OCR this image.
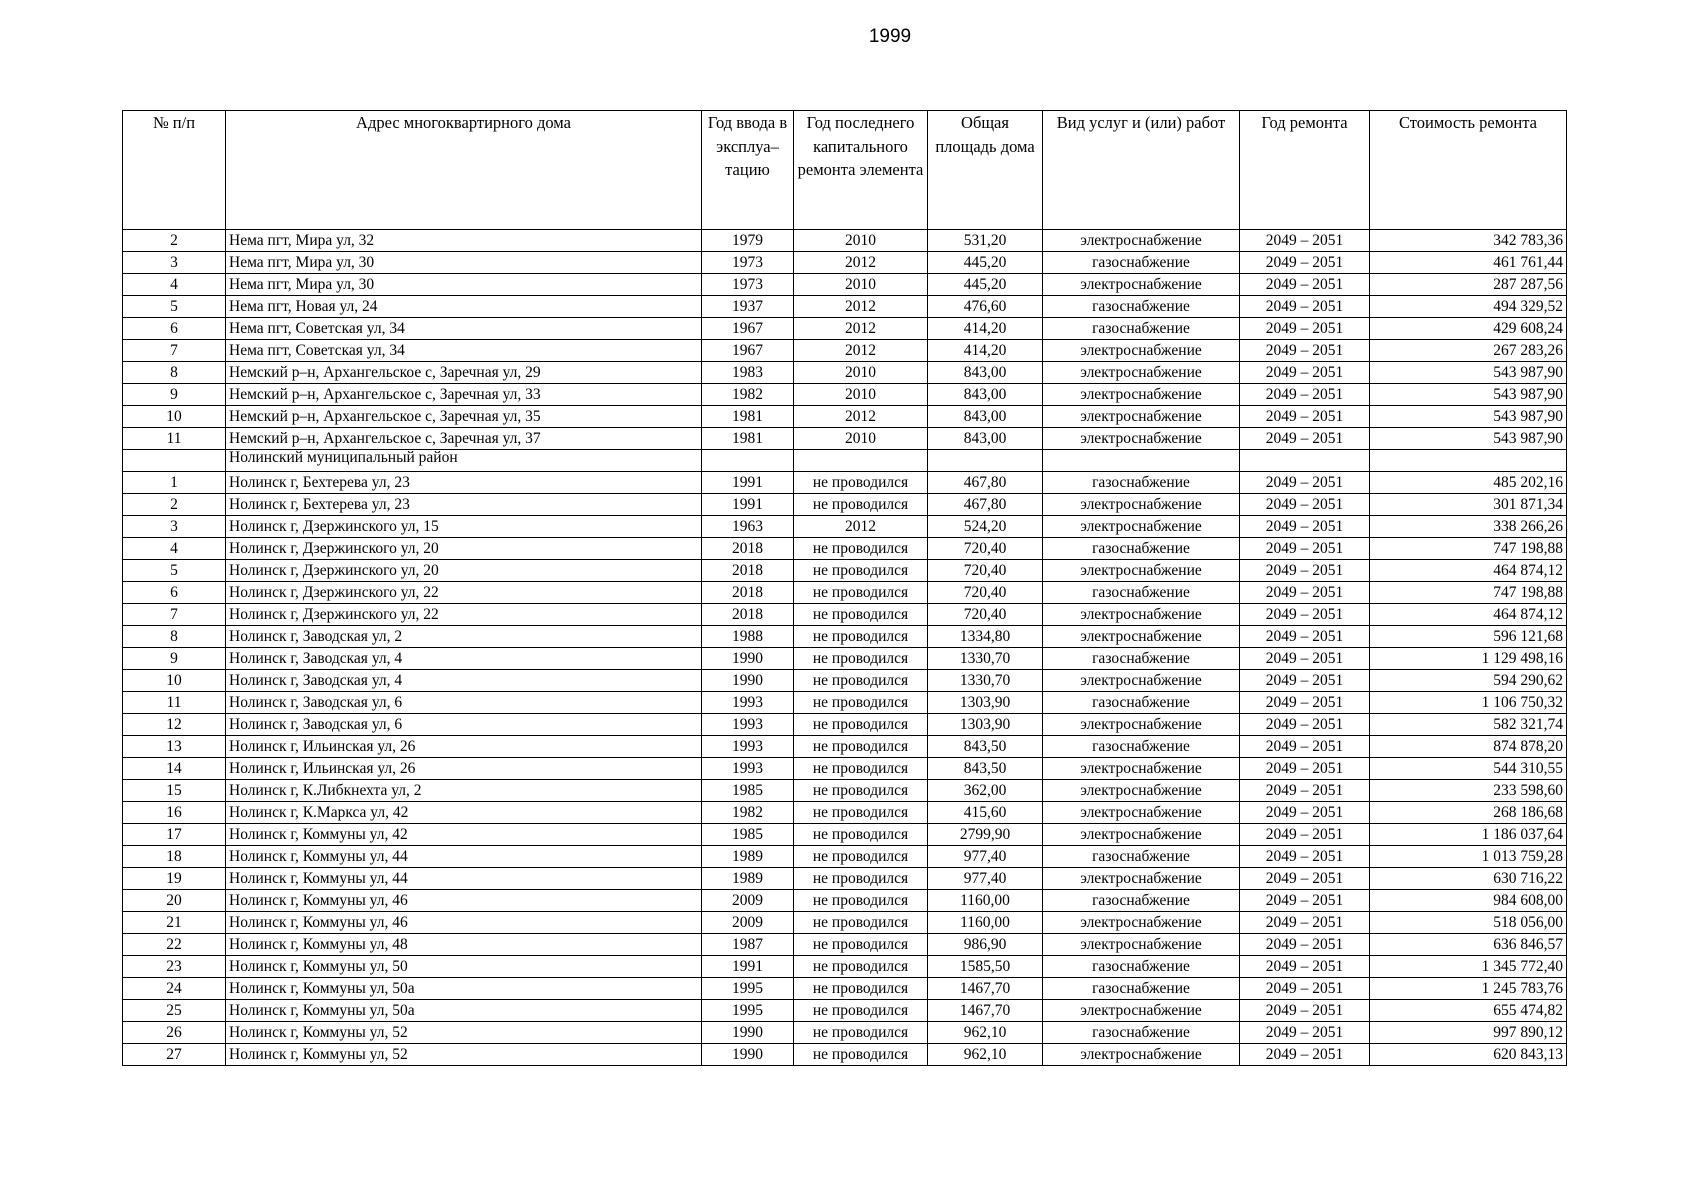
1999
№ п/п	Адрес многоквартирного дома	Год ввода в эксплуа– тацию	Год последнего капитального ремонта элемента	Общая площадь дома	Вид услуг и (или) работ	Год ремонта	Стоимость ремонта
2	Нема пгт, Мира ул, 32	1979	2010	531,20	электроснабжение	2049 – 2051	342 783,36
3	Нема пгт, Мира ул, 30	1973	2012	445,20	газоснабжение	2049 – 2051	461 761,44
4	Нема пгт, Мира ул, 30	1973	2010	445,20	электроснабжение	2049 – 2051	287 287,56
5	Нема пгт, Новая ул, 24	1937	2012	476,60	газоснабжение	2049 – 2051	494 329,52
6	Нема пгт, Советская ул, 34	1967	2012	414,20	газоснабжение	2049 – 2051	429 608,24
7	Нема пгт, Советская ул, 34	1967	2012	414,20	электроснабжение	2049 – 2051	267 283,26
8	Немский р–н, Архангельское с, Заречная ул, 29	1983	2010	843,00	электроснабжение	2049 – 2051	543 987,90
9	Немский р–н, Архангельское с, Заречная ул, 33	1982	2010	843,00	электроснабжение	2049 – 2051	543 987,90
10	Немский р–н, Архангельское с, Заречная ул, 35	1981	2012	843,00	электроснабжение	2049 – 2051	543 987,90
11	Немский р–н, Архангельское с, Заречная ул, 37	1981	2010	843,00	электроснабжение	2049 – 2051	543 987,90
	Нолинский муниципальный район						
1	Нолинск г, Бехтерева ул, 23	1991	не проводился	467,80	газоснабжение	2049 – 2051	485 202,16
2	Нолинск г, Бехтерева ул, 23	1991	не проводился	467,80	электроснабжение	2049 – 2051	301 871,34
3	Нолинск г, Дзержинского ул, 15	1963	2012	524,20	электроснабжение	2049 – 2051	338 266,26
4	Нолинск г, Дзержинского ул, 20	2018	не проводился	720,40	газоснабжение	2049 – 2051	747 198,88
5	Нолинск г, Дзержинского ул, 20	2018	не проводился	720,40	электроснабжение	2049 – 2051	464 874,12
6	Нолинск г, Дзержинского ул, 22	2018	не проводился	720,40	газоснабжение	2049 – 2051	747 198,88
7	Нолинск г, Дзержинского ул, 22	2018	не проводился	720,40	электроснабжение	2049 – 2051	464 874,12
8	Нолинск г, Заводская ул, 2	1988	не проводился	1334,80	электроснабжение	2049 – 2051	596 121,68
9	Нолинск г, Заводская ул, 4	1990	не проводился	1330,70	газоснабжение	2049 – 2051	1 129 498,16
10	Нолинск г, Заводская ул, 4	1990	не проводился	1330,70	электроснабжение	2049 – 2051	594 290,62
11	Нолинск г, Заводская ул, 6	1993	не проводился	1303,90	газоснабжение	2049 – 2051	1 106 750,32
12	Нолинск г, Заводская ул, 6	1993	не проводился	1303,90	электроснабжение	2049 – 2051	582 321,74
13	Нолинск г, Ильинская ул, 26	1993	не проводился	843,50	газоснабжение	2049 – 2051	874 878,20
14	Нолинск г, Ильинская ул, 26	1993	не проводился	843,50	электроснабжение	2049 – 2051	544 310,55
15	Нолинск г, К.Либкнехта ул, 2	1985	не проводился	362,00	электроснабжение	2049 – 2051	233 598,60
16	Нолинск г, К.Маркса ул, 42	1982	не проводился	415,60	электроснабжение	2049 – 2051	268 186,68
17	Нолинск г, Коммуны ул, 42	1985	не проводился	2799,90	электроснабжение	2049 – 2051	1 186 037,64
18	Нолинск г, Коммуны ул, 44	1989	не проводился	977,40	газоснабжение	2049 – 2051	1 013 759,28
19	Нолинск г, Коммуны ул, 44	1989	не проводился	977,40	электроснабжение	2049 – 2051	630 716,22
20	Нолинск г, Коммуны ул, 46	2009	не проводился	1160,00	газоснабжение	2049 – 2051	984 608,00
21	Нолинск г, Коммуны ул, 46	2009	не проводился	1160,00	электроснабжение	2049 – 2051	518 056,00
22	Нолинск г, Коммуны ул, 48	1987	не проводился	986,90	электроснабжение	2049 – 2051	636 846,57
23	Нолинск г, Коммуны ул, 50	1991	не проводился	1585,50	газоснабжение	2049 – 2051	1 345 772,40
24	Нолинск г, Коммуны ул, 50а	1995	не проводился	1467,70	газоснабжение	2049 – 2051	1 245 783,76
25	Нолинск г, Коммуны ул, 50а	1995	не проводился	1467,70	электроснабжение	2049 – 2051	655 474,82
26	Нолинск г, Коммуны ул, 52	1990	не проводился	962,10	газоснабжение	2049 – 2051	997 890,12
27	Нолинск г, Коммуны ул, 52	1990	не проводился	962,10	электроснабжение	2049 – 2051	620 843,13
